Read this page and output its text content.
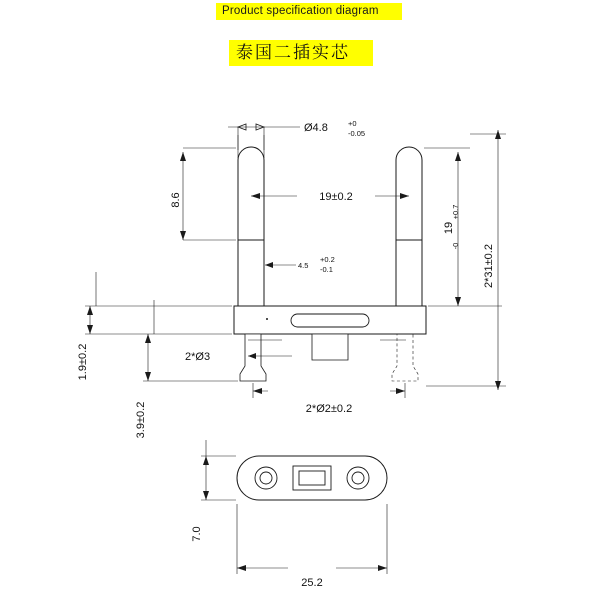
Product specification diagram
泰国二插实芯
Ø4.8	+0
-0.05
8.6	19±0.2
4.5
+0.2
-0.1
19
+0.7
-0 2*31±0.2
1.9±0.2
3.9±0.2
2*Ø3
2*Ø2±0.2
7.0
25.2
